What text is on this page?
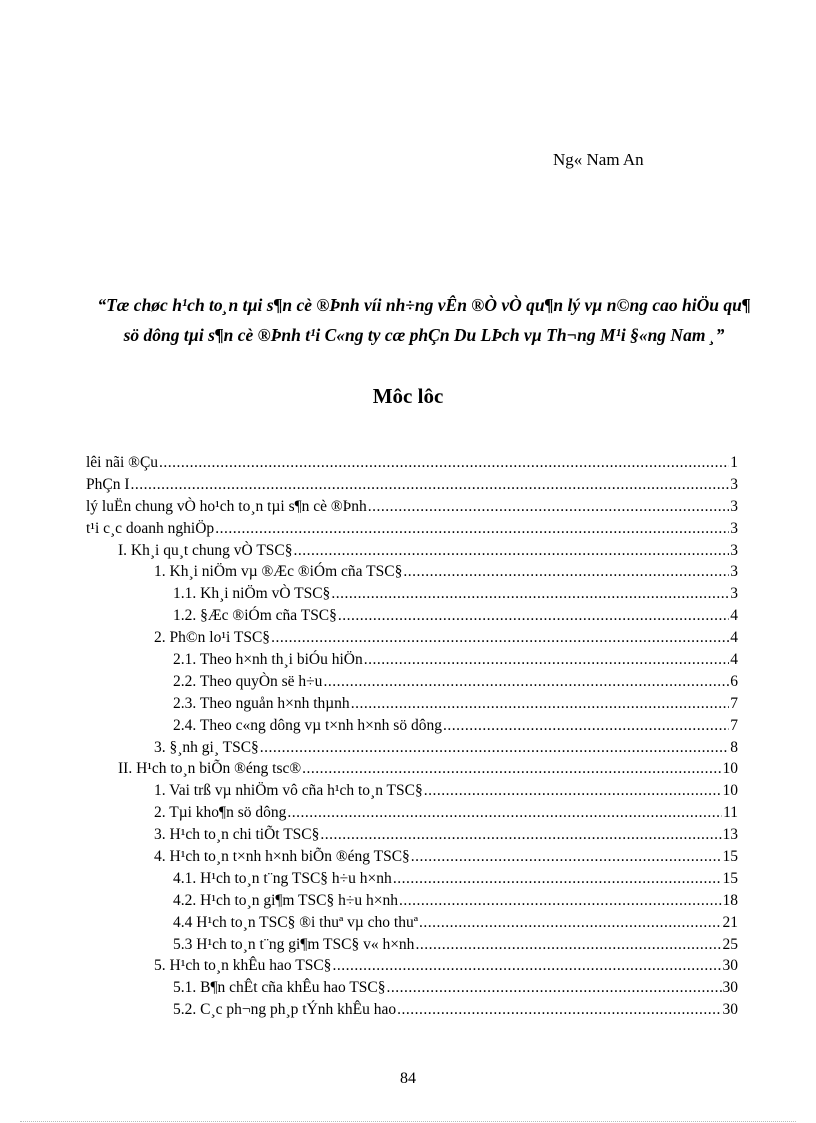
Ng« Nam An
“Tæ chøc h¹ch to¸n tµi s¶n cè ®Þnh víi nh÷ng vÊn ®Ò vÒ qu¶n lý vµ n©ng cao hiÖu qu¶ sö dông tµi s¶n cè ®Þnh t¹i C«ng ty cæ phÇn Du LÞch vµ Th¬ng M¹i §«ng Nam ¸”
Môc lôc
lêi nãi ®Çu .....	1
PhÇn I .....	3
lý luËn chung vÒ ho¹ch to¸n tµi s¶n cè ®Þnh .....	3
t¹i c¸c doanh nghiÖp .....	3
I. Kh¸i qu¸t chung vÒ TSC§ .....	3
1. Kh¸i niÖm vµ ®Æc ®iÓm cña TSC§ .....	3
1.1. Kh¸i niÖm vÒ TSC§ .....	3
1.2. §Æc ®iÓm cña TSC§ .....	4
2. Ph©n lo¹i TSC§ .....	4
2.1. Theo h×nh th¸i biÓu hiÖn .....	4
2.2. Theo quyÒn së h÷u .....	6
2.3. Theo nguån h×nh thµnh .....	7
2.4. Theo c«ng dông vµ t×nh h×nh sö dông .....	7
3. §¸nh gi¸ TSC§ .....	8
II. H¹ch to¸n biÕn ®éng tsc® .....	10
1. Vai trß vµ nhiÖm vô cña h¹ch to¸n TSC§ .....	10
2. Tµi kho¶n sö dông .....	11
3. H¹ch to¸n chi tiÕt TSC§ .....	13
4. H¹ch to¸n t×nh h×nh biÕn ®éng TSC§ .....	15
4.1. H¹ch to¸n t¨ng TSC§ h÷u h×nh .....	15
4.2. H¹ch to¸n gi¶m TSC§ h÷u h×nh .....	18
4.4 H¹ch to¸n TSC§ ®i thuª vµ cho thuª .....	21
5.3 H¹ch to¸n t¨ng gi¶m TSC§ v« h×nh .....	25
5. H¹ch to¸n khÊu hao TSC§ .....	30
5.1. B¶n chÊt cña khÊu hao TSC§ .....	30
5.2. C¸c ph¬ng ph¸p tÝnh khÊu hao .....	30
84
